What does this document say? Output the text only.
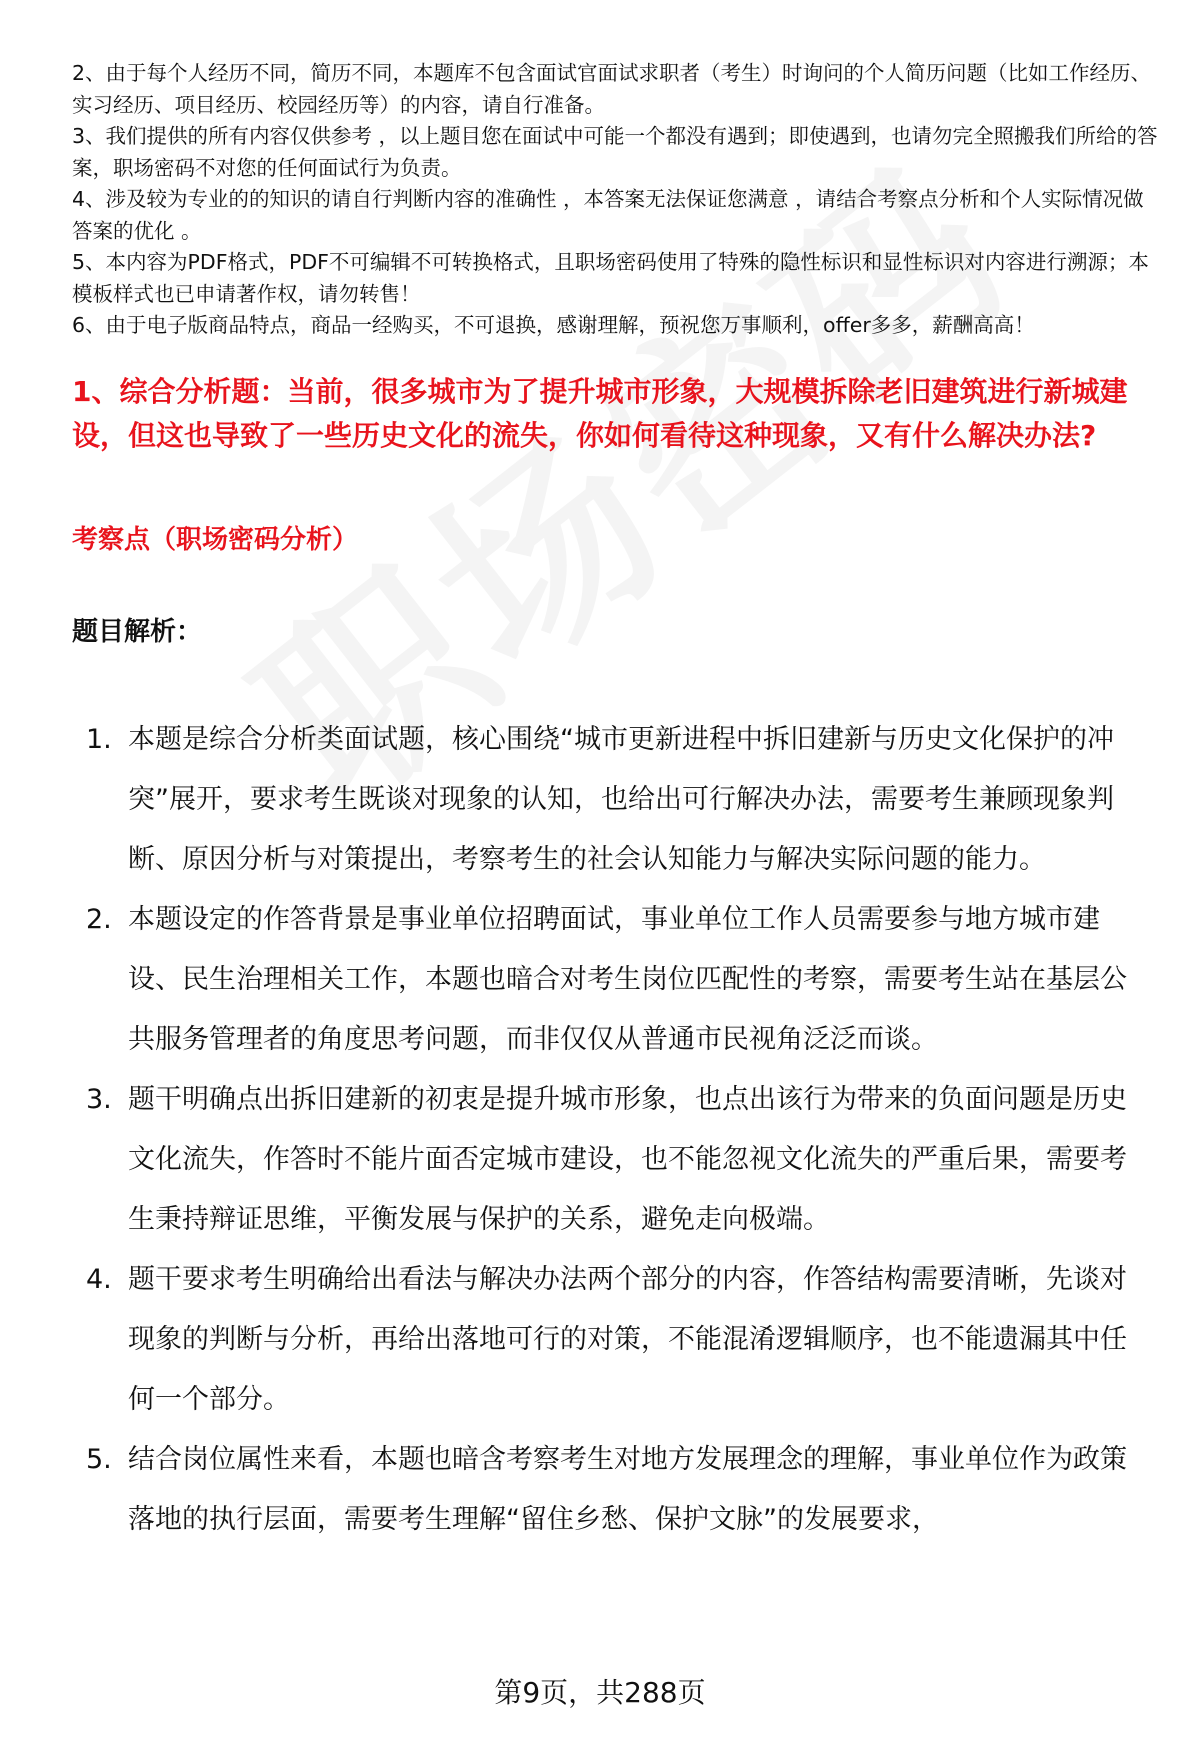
2、由于每个人经历不同，简历不同，本题库不包含面试官面试求职者（考生）时询问的个人简历问题（比如工作经历、实习经历、项目经历、校园经历等）的内容，请自行准备。

3、我们提供的所有内容仅供参考 ，以上题目您在面试中可能一个都没有遇到；即使遇到，也请勿完全照搬我们所给的答案，职场密码不对您的任何面试行为负责。

4、涉及较为专业的的知识的请自行判断内容的准确性 ，本答案无法保证您满意 ，请结合考察点分析和个人实际情况做答案的优化 。

5、本内容为PDF格式，PDF不可编辑不可转换格式，且职场密码使用了特殊的隐性标识和显性标识对内容进行溯源；本模板样式也已申请著作权，请勿转售！

6、由于电子版商品特点，商品一经购买，不可退换，感谢理解，预祝您万事顺利，offer多多，薪酬高高！

1、综合分析题：当前，很多城市为了提升城市形象，大规模拆除老旧建筑进行新城建设，但这也导致了一些历史文化的流失，你如何看待这种现象，又有什么解决办法?

考察点（职场密码分析）

题目解析：

1. 本题是综合分析类面试题，核心围绕“城市更新进程中拆旧建新与历史文化保护的冲突”展开，要求考生既谈对现象的认知，也给出可行解决办法，需要考生兼顾现象判断、原因分析与对策提出，考察考生的社会认知能力与解决实际问题的能力。
2. 本题设定的作答背景是事业单位招聘面试，事业单位工作人员需要参与地方城市建设、民生治理相关工作，本题也暗合对考生岗位匹配性的考察，需要考生站在基层公共服务管理者的角度思考问题，而非仅仅从普通市民视角泛泛而谈。
3. 题干明确点出拆旧建新的初衷是提升城市形象，也点出该行为带来的负面问题是历史文化流失，作答时不能片面否定城市建设，也不能忽视文化流失的严重后果，需要考生秉持辩证思维，平衡发展与保护的关系，避免走向极端。
4. 题干要求考生明确给出看法与解决办法两个部分的内容，作答结构需要清晰，先谈对现象的判断与分析，再给出落地可行的对策，不能混淆逻辑顺序，也不能遗漏其中任何一个部分。
5. 结合岗位属性来看，本题也暗含考察考生对地方发展理念的理解，事业单位作为政策落地的执行层面，需要考生理解“留住乡愁、保护文脉”的发展要求，

第9页，共288页
